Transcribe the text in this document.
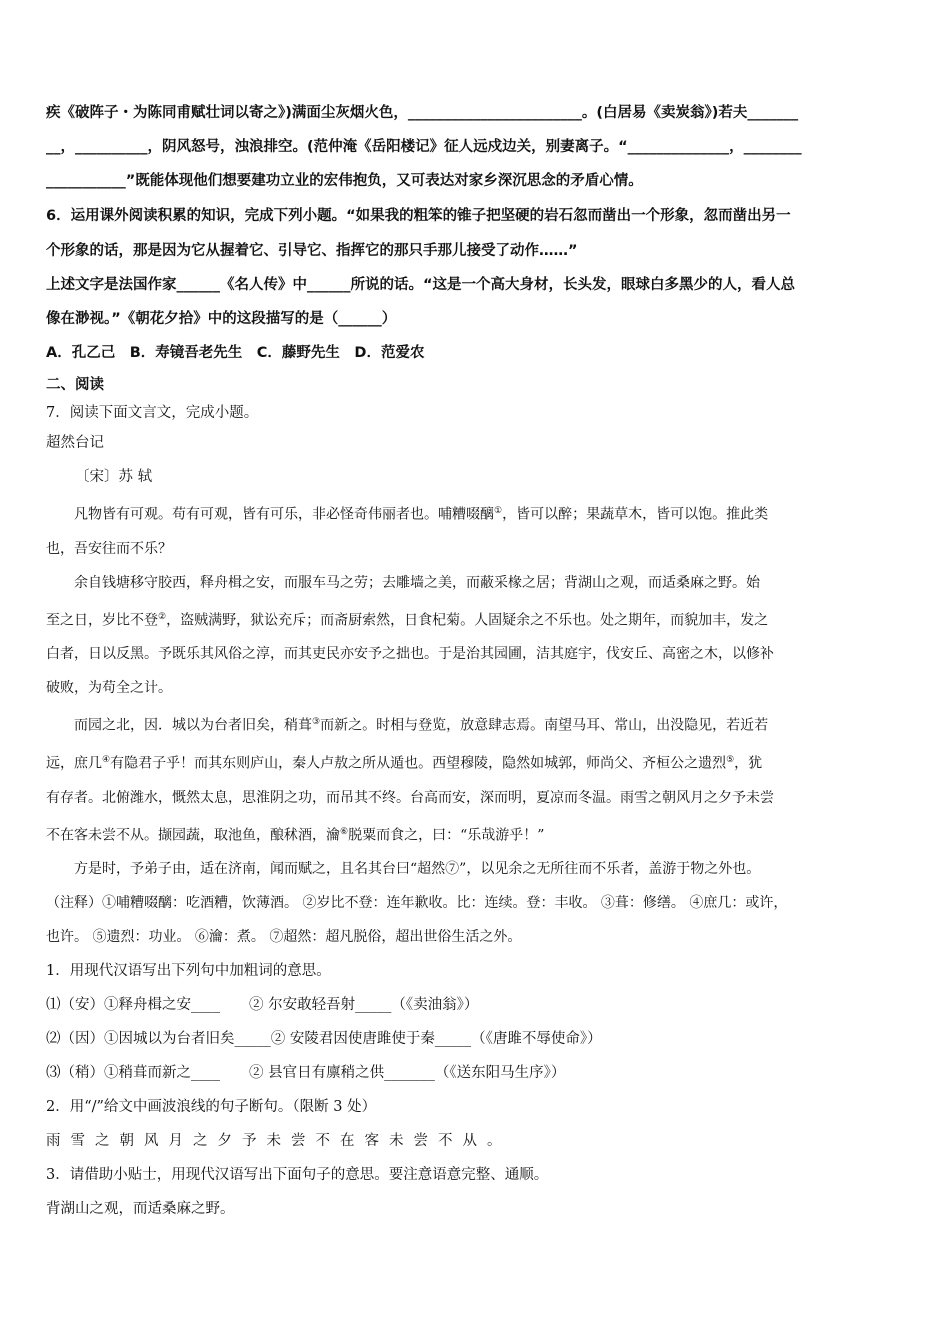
疾《破阵子・为陈同甫赋壮词以寄之》)满面尘灰烟火色，________________________。(白居易《卖炭翁》)若夫_______

__，__________，阴风怒号，浊浪排空。(范仲淹《岳阳楼记》征人远戍边关，别妻离子。“______________，________

___________”既能体现他们想要建功立业的宏伟抱负，又可表达对家乡深沉思念的矛盾心情。

6．运用课外阅读积累的知识，完成下列小题。“如果我的粗笨的锥子把坚硬的岩石忽而凿出一个形象，忽而凿出另一

个形象的话，那是因为它从握着它、引导它、指挥它的那只手那儿接受了动作……”

上述文字是法国作家______《名人传》中______所说的话。“这是一个高大身材，长头发，眼球白多黑少的人，看人总

像在渺视。”《朝花夕拾》中的这段描写的是（______）

A．孔乙己　B．寿镜吾老先生　C．藤野先生　D．范爱农

二、阅读

7．阅读下面文言文，完成小题。

超然台记

〔宋〕苏 轼

凡物皆有可观。苟有可观，皆有可乐，非必怪奇伟丽者也。哺糟啜醨①，皆可以醉；果蔬草木，皆可以饱。推此类

也，吾安往而不乐？

余自钱塘移守胶西，释舟楫之安，而服车马之劳；去雕墙之美，而蔽采椽之居；背湖山之观，而适桑麻之野。始

至之日，岁比不登②，盗贼满野，狱讼充斥；而斋厨索然，日食杞菊。人固疑余之不乐也。处之期年，而貌加丰，发之

白者，日以反黑。予既乐其风俗之淳，而其吏民亦安予之拙也。于是治其园圃，洁其庭宇，伐安丘、高密之木，以修补

破败，为苟全之计。

而园之北，因．城以为台者旧矣，稍葺③而新之。时相与登览，放意肆志焉。南望马耳、常山，出没隐见，若近若

远，庶几④有隐君子乎！而其东则庐山，秦人卢敖之所从遁也。西望穆陵，隐然如城郭，师尚父、齐桓公之遗烈⑤，犹

有存者。北俯潍水，慨然太息，思淮阴之功，而吊其不终。台高而安，深而明，夏凉而冬温。雨雪之朝风月之夕予未尝

不在客未尝不从。撷园蔬，取池鱼，酿秫酒，瀹⑥脱粟而食之，曰：“乐哉游乎！”

方是时，予弟子由，适在济南，闻而赋之，且名其台曰“超然⑦”，以见余之无所往而不乐者，盖游于物之外也。

（注释）①哺糟啜醨：吃酒糟，饮薄酒。 ②岁比不登：连年歉收。比：连续。登：丰收。 ③葺：修缮。 ④庶几：或许，

也许。 ⑤遗烈：功业。 ⑥瀹：煮。 ⑦超然：超凡脱俗，超出世俗生活之外。

1．用现代汉语写出下列句中加粗词的意思。

⑴（安）①释舟楫之安____　　② 尔安敢轻吾射_____（《卖油翁》）

⑵（因）①因城以为台者旧矣_____② 安陵君因使唐雎使于秦_____（《唐雎不辱使命》）

⑶（稍）①稍葺而新之____　　② 县官日有廪稍之供_______（《送东阳马生序》）

2．用“/”给文中画波浪线的句子断句。（限断 3 处）

雨雪之朝风月之夕予未尝不在客未尝不从。

3．请借助小贴士，用现代汉语写出下面句子的意思。要注意语意完整、通顺。

背湖山之观，而适桑麻之野。
